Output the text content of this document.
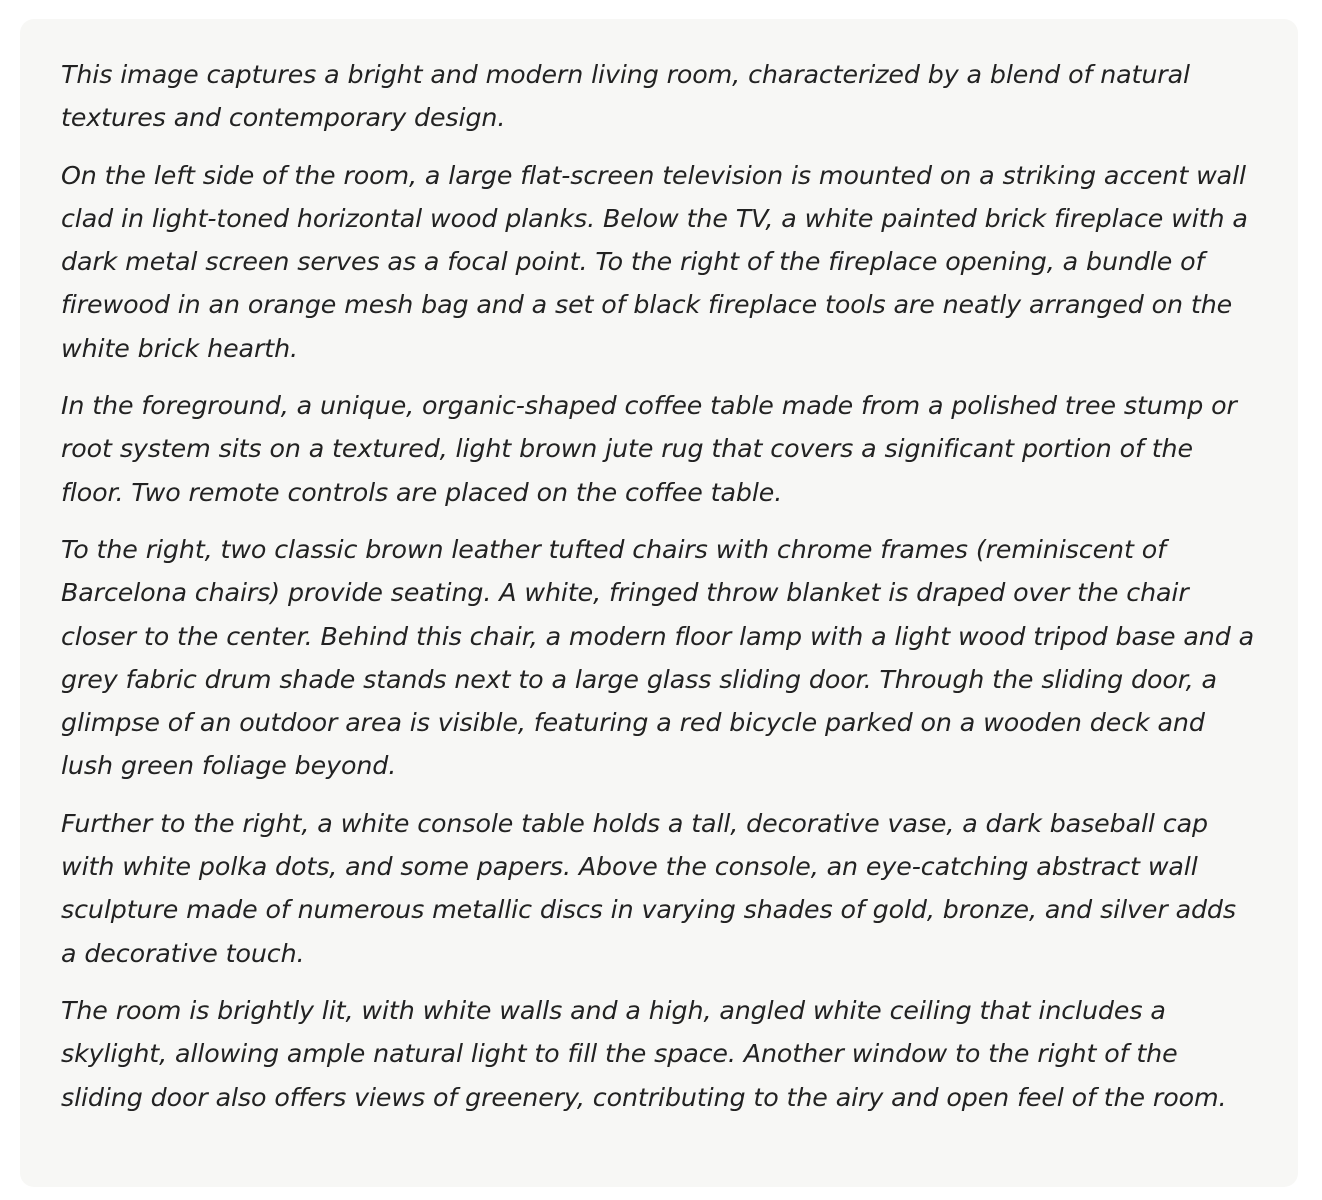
This image captures a bright and modern living room, characterized by a blend of natural textures and contemporary design.

On the left side of the room, a large flat-screen television is mounted on a striking accent wall clad in light-toned horizontal wood planks. Below the TV, a white painted brick fireplace with a dark metal screen serves as a focal point. To the right of the fireplace opening, a bundle of firewood in an orange mesh bag and a set of black fireplace tools are neatly arranged on the white brick hearth.

In the foreground, a unique, organic-shaped coffee table made from a polished tree stump or root system sits on a textured, light brown jute rug that covers a significant portion of the floor. Two remote controls are placed on the coffee table.

To the right, two classic brown leather tufted chairs with chrome frames (reminiscent of Barcelona chairs) provide seating. A white, fringed throw blanket is draped over the chair closer to the center. Behind this chair, a modern floor lamp with a light wood tripod base and a grey fabric drum shade stands next to a large glass sliding door. Through the sliding door, a glimpse of an outdoor area is visible, featuring a red bicycle parked on a wooden deck and lush green foliage beyond.

Further to the right, a white console table holds a tall, decorative vase, a dark baseball cap with white polka dots, and some papers. Above the console, an eye-catching abstract wall sculpture made of numerous metallic discs in varying shades of gold, bronze, and silver adds a decorative touch.

The room is brightly lit, with white walls and a high, angled white ceiling that includes a skylight, allowing ample natural light to fill the space. Another window to the right of the sliding door also offers views of greenery, contributing to the airy and open feel of the room.
